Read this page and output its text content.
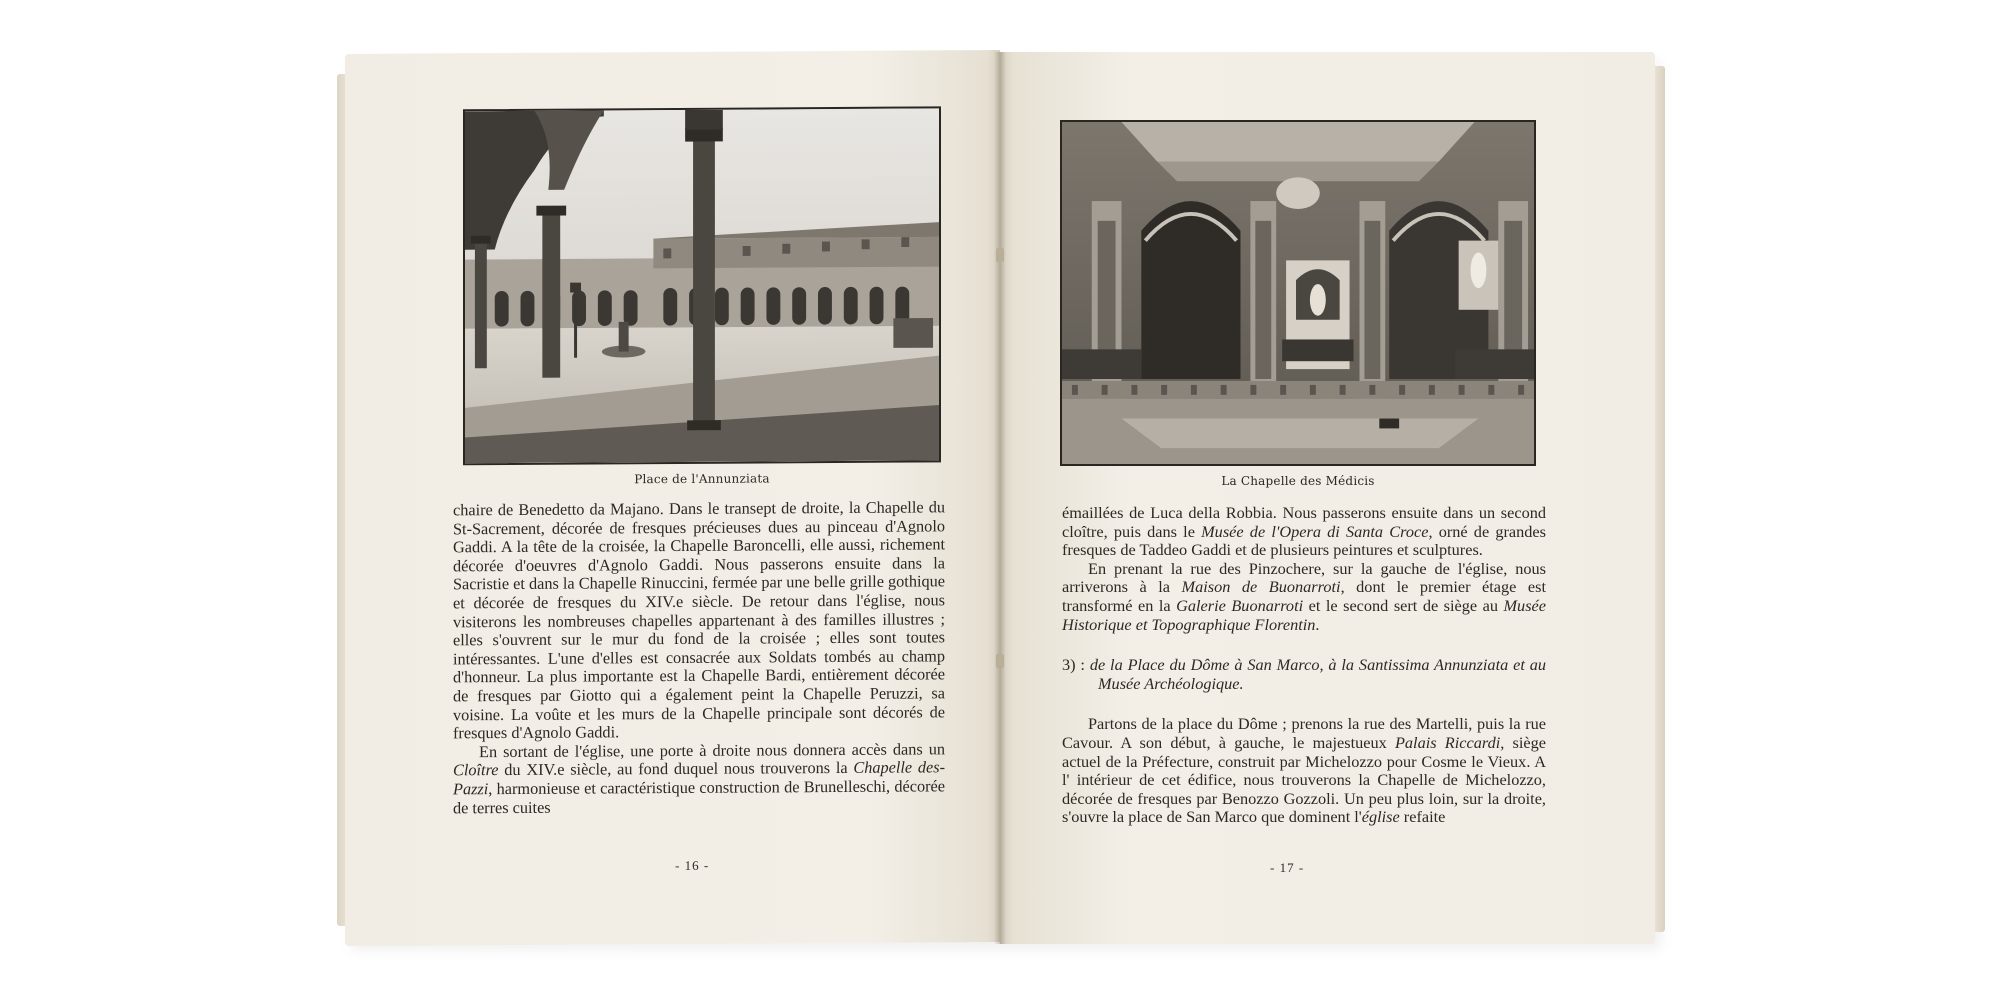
Place de l'Annunziata
chaire de Benedetto da Majano. Dans le transept de droite, la Chapelle du St-Sacrement, décorée de fresques précieuses dues au pinceau d'Agnolo Gaddi. A la tête de la croisée, la Chapelle Baroncelli, elle aussi, richement décorée d'oeuvres d'Agnolo Gaddi. Nous passerons ensuite dans la Sacristie et dans la Chapelle Rinuccini, fermée par une belle grille gothique et décorée de fresques du XIV.e siècle. De retour dans l'église, nous visiterons les nombreuses chapelles appartenant à des familles illustres ; elles s'ouvrent sur le mur du fond de la croisée ; elles sont toutes intéressantes. L'une d'elles est consacrée aux Soldats tombés au champ d'honneur. La plus importante est la Chapelle Bardi, entièrement décorée de fresques par Giotto qui a également peint la Chapelle Peruzzi, sa voisine. La voûte et les murs de la Chapelle principale sont décorés de fresques d'Agnolo Gaddi.
En sortant de l'église, une porte à droite nous donnera accès dans un Cloître du XIV.e siècle, au fond duquel nous trouverons la Chapelle des-Pazzi, harmonieuse et caractéristique construction de Brunelleschi, décorée de terres cuites
- 16 -
La Chapelle des Médicis
émaillées de Luca della Robbia. Nous passerons ensuite dans un second cloître, puis dans le Musée de l'Opera di Santa Croce, orné de grandes fresques de Taddeo Gaddi et de plusieurs peintures et sculptures.
En prenant la rue des Pinzochere, sur la gauche de l'église, nous arriverons à la Maison de Buonarroti, dont le premier étage est transformé en la Galerie Buonarroti et le second sert de siège au Musée Historique et Topographique Florentin.
3) : de la Place du Dôme à San Marco, à la Santissima Annunziata et au Musée Archéologique.
Partons de la place du Dôme ; prenons la rue des Martelli, puis la rue Cavour. A son début, à gauche, le majestueux Palais Riccardi, siège actuel de la Préfecture, construit par Michelozzo pour Cosme le Vieux. A l' intérieur de cet édifice, nous trouverons la Chapelle de Michelozzo, décorée de fresques par Benozzo Gozzoli. Un peu plus loin, sur la droite, s'ouvre la place de San Marco que dominent l'église refaite
- 17 -
